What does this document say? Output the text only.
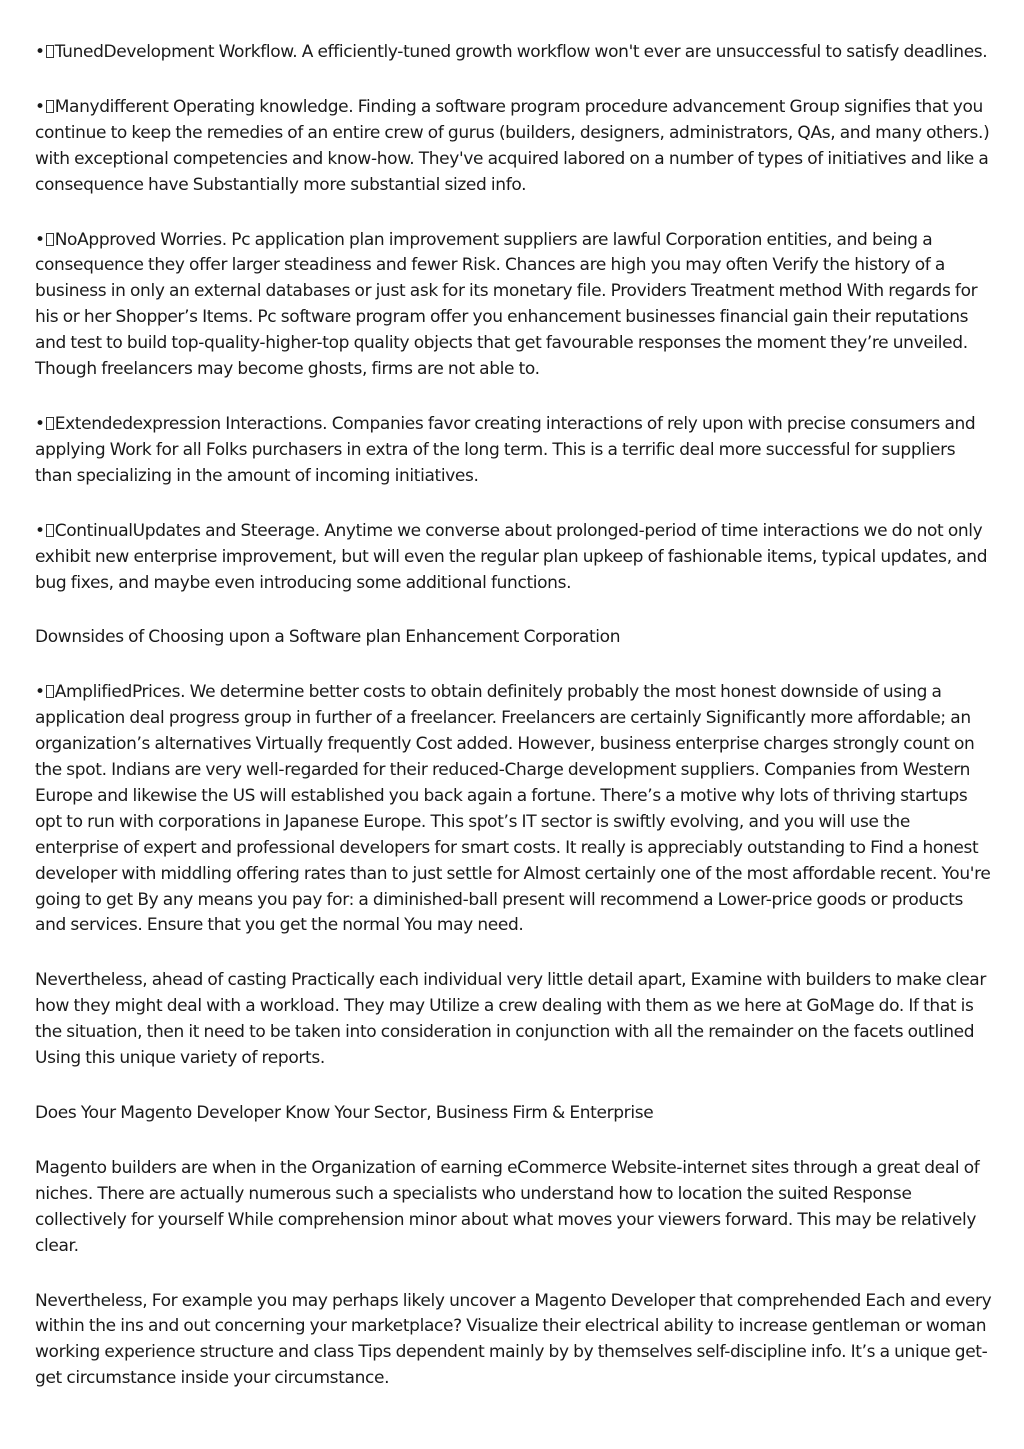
• TunedDevelopment Workflow. A efficiently-tuned growth workflow won't ever are unsuccessful to satisfy deadlines.

• Manydifferent Operating knowledge. Finding a software program procedure advancement Group signifies that you continue to keep the remedies of an entire crew of gurus (builders, designers, administrators, QAs, and many others.) with exceptional competencies and know-how. They've acquired labored on a number of types of initiatives and like a consequence have Substantially more substantial sized info.

• NoApproved Worries. Pc application plan improvement suppliers are lawful Corporation entities, and being a consequence they offer larger steadiness and fewer Risk. Chances are high you may often Verify the history of a business in only an external databases or just ask for its monetary file. Providers Treatment method With regards for his or her Shopper’s Items. Pc software program offer you enhancement businesses financial gain their reputations and test to build top-quality-higher-top quality objects that get favourable responses the moment they’re unveiled. Though freelancers may become ghosts, firms are not able to.

• Extendedexpression Interactions. Companies favor creating interactions of rely upon with precise consumers and applying Work for all Folks purchasers in extra of the long term. This is a terrific deal more successful for suppliers than specializing in the amount of incoming initiatives.

• ContinualUpdates and Steerage. Anytime we converse about prolonged-period of time interactions we do not only exhibit new enterprise improvement, but will even the regular plan upkeep of fashionable items, typical updates, and bug fixes, and maybe even introducing some additional functions.

Downsides of Choosing upon a Software plan Enhancement Corporation

• AmplifiedPrices. We determine better costs to obtain definitely probably the most honest downside of using a application deal progress group in further of a freelancer. Freelancers are certainly Significantly more affordable; an organization’s alternatives Virtually frequently Cost added. However, business enterprise charges strongly count on the spot. Indians are very well-regarded for their reduced-Charge development suppliers. Companies from Western Europe and likewise the US will established you back again a fortune. There’s a motive why lots of thriving startups opt to run with corporations in Japanese Europe. This spot’s IT sector is swiftly evolving, and you will use the enterprise of expert and professional developers for smart costs. It really is appreciably outstanding to Find a honest developer with middling offering rates than to just settle for Almost certainly one of the most affordable recent. You're going to get By any means you pay for: a diminished-ball present will recommend a Lower-price goods or products and services. Ensure that you get the normal You may need.

Nevertheless, ahead of casting Practically each individual very little detail apart, Examine with builders to make clear how they might deal with a workload. They may Utilize a crew dealing with them as we here at GoMage do. If that is the situation, then it need to be taken into consideration in conjunction with all the remainder on the facets outlined Using this unique variety of reports.

Does Your Magento Developer Know Your Sector, Business Firm & Enterprise

Magento builders are when in the Organization of earning eCommerce Website-internet sites through a great deal of niches. There are actually numerous such a specialists who understand how to location the suited Response collectively for yourself While comprehension minor about what moves your viewers forward. This may be relatively clear.

Nevertheless, For example you may perhaps likely uncover a Magento Developer that comprehended Each and every within the ins and out concerning your marketplace? Visualize their electrical ability to increase gentleman or woman working experience structure and class Tips dependent mainly by by themselves self-discipline info. It’s a unique get-get circumstance inside your circumstance.
